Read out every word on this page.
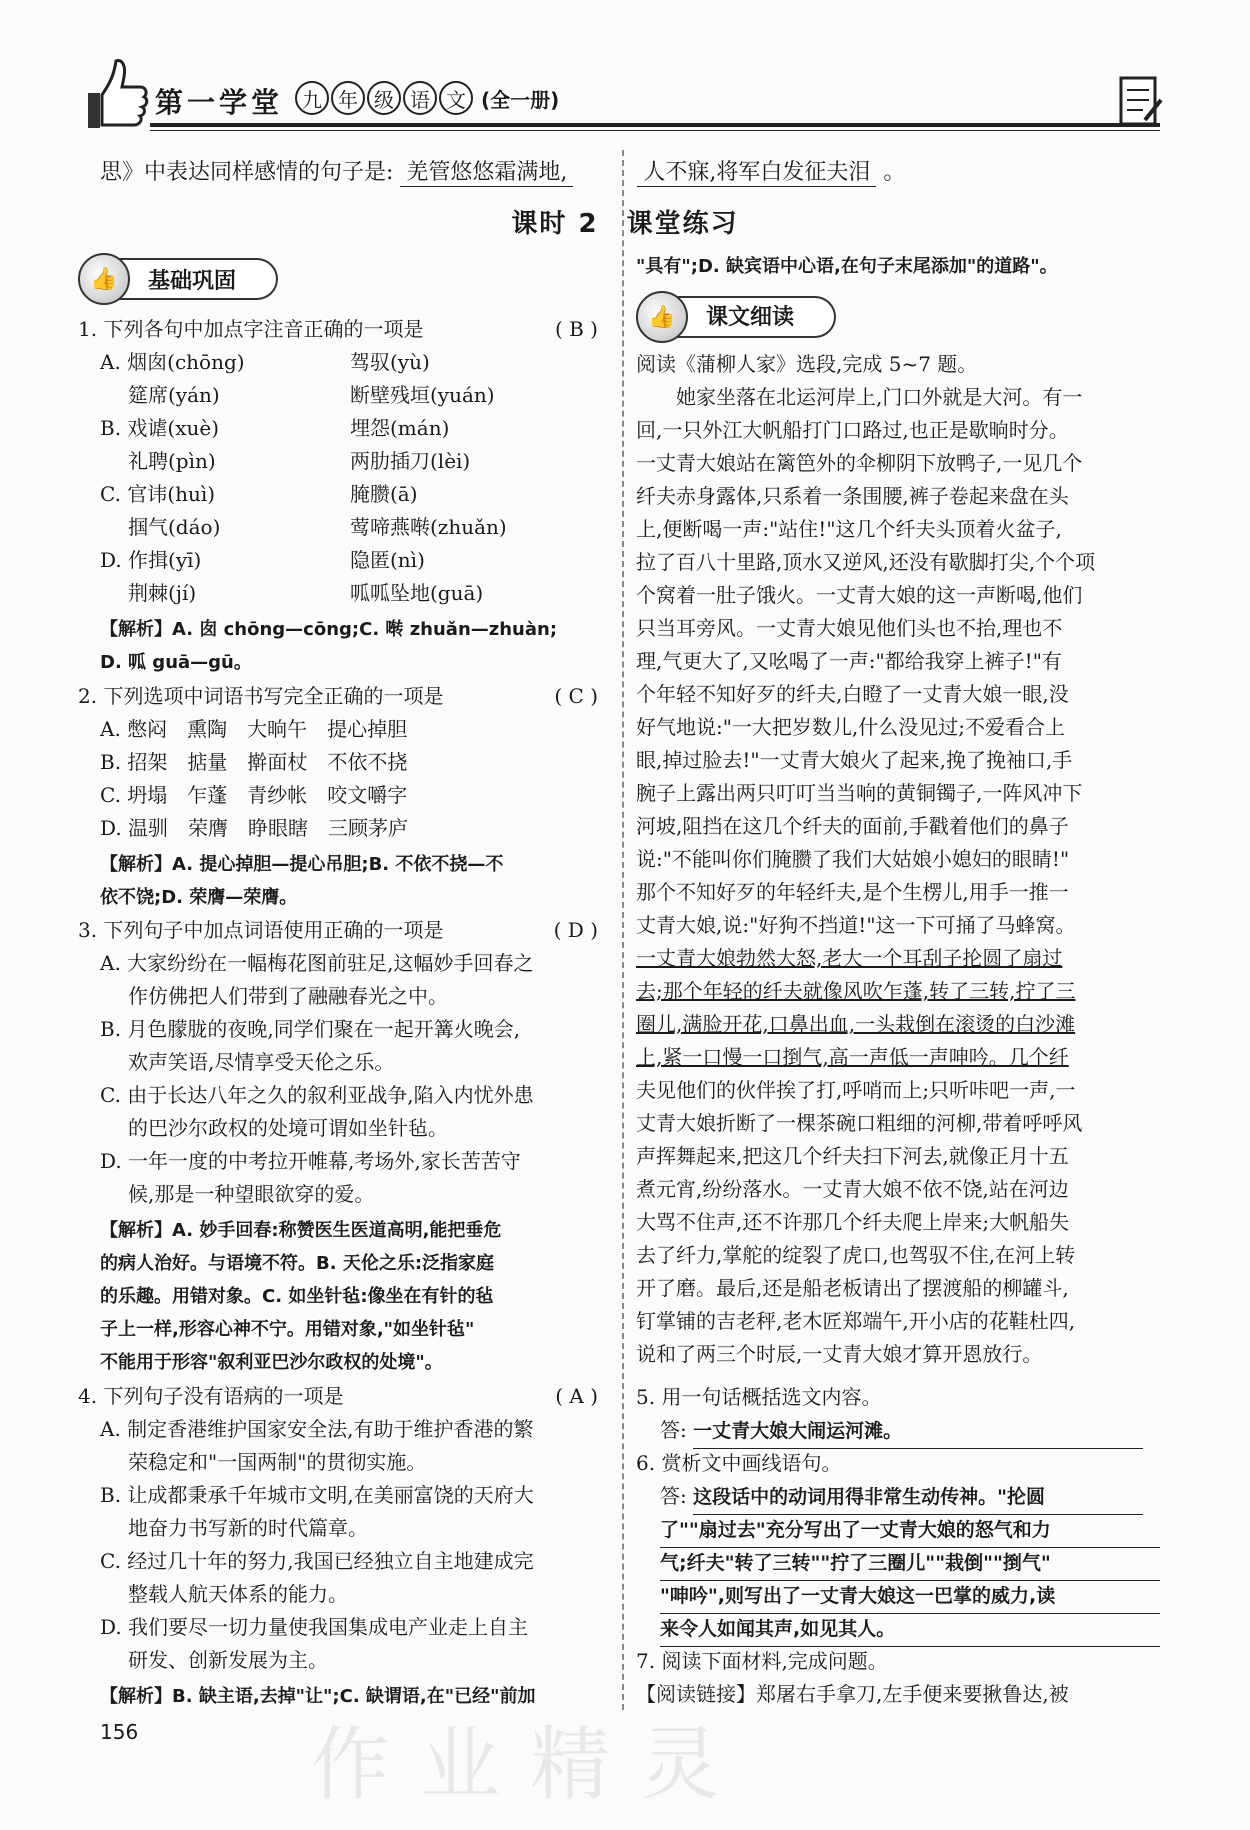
第一学堂 九 年 级 语 文 (全一册)
思》中表达同样感情的句子是: 羌管悠悠霜满地,	人不寐,将军白发征夫泪 。
课时 2　课堂练习
👍	基础巩固
1. 下列各句中加点字注音正确的一项是	( B )
A. 烟囱(chōng)	驾驭(yù)
筵席(yán)	断壁残垣(yuán)
B. 戏谑(xuè)	埋怨(mán)
礼聘(pìn)	两肋插刀(lèi)
C. 官讳(huì)	腌臜(ā)
掴气(dáo)	莺啼燕啭(zhuǎn)
D. 作揖(yī)	隐匿(nì)
荆棘(jí)	呱呱坠地(guā)
【解析】A. 囱 chōng—cōng;C. 啭 zhuǎn—zhuàn;
D. 呱 guā—gū。
2. 下列选项中词语书写完全正确的一项是	( C )
A. 憋闷　熏陶　大晌午　提心掉胆
B. 招架　掂量　擀面杖　不依不挠
C. 坍塌　乍蓬　青纱帐　咬文嚼字
D. 温驯　荣膺　睁眼瞎　三顾茅庐
【解析】A. 提心掉胆—提心吊胆;B. 不依不挠—不
依不饶;D. 荣膺—荣膺。
3. 下列句子中加点词语使用正确的一项是	( D )
A. 大家纷纷在一幅梅花图前驻足,这幅妙手回春之
作仿佛把人们带到了融融春光之中。
B. 月色朦胧的夜晚,同学们聚在一起开篝火晚会,
欢声笑语,尽情享受天伦之乐。
C. 由于长达八年之久的叙利亚战争,陷入内忧外患
的巴沙尔政权的处境可谓如坐针毡。
D. 一年一度的中考拉开帷幕,考场外,家长苦苦守
候,那是一种望眼欲穿的爱。
【解析】A. 妙手回春:称赞医生医道高明,能把垂危
的病人治好。与语境不符。B. 天伦之乐:泛指家庭
的乐趣。用错对象。C. 如坐针毡:像坐在有针的毡
子上一样,形容心神不宁。用错对象,"如坐针毡"
不能用于形容"叙利亚巴沙尔政权的处境"。
4. 下列句子没有语病的一项是	( A )
A. 制定香港维护国家安全法,有助于维护香港的繁
荣稳定和"一国两制"的贯彻实施。
B. 让成都秉承千年城市文明,在美丽富饶的天府大
地奋力书写新的时代篇章。
C. 经过几十年的努力,我国已经独立自主地建成完
整载人航天体系的能力。
D. 我们要尽一切力量使我国集成电产业走上自主
研发、创新发展为主。
【解析】B. 缺主语,去掉"让";C. 缺谓语,在"已经"前加
"具有";D. 缺宾语中心语,在句子末尾添加"的道路"。
👍	课文细读
阅读《蒲柳人家》选段,完成 5~7 题。
她家坐落在北运河岸上,门口外就是大河。有一
回,一只外江大帆船打门口路过,也正是歇晌时分。
一丈青大娘站在篱笆外的伞柳阴下放鸭子,一见几个
纤夫赤身露体,只系着一条围腰,裤子卷起来盘在头
上,便断喝一声:"站住!"这几个纤夫头顶着火盆子,
拉了百八十里路,顶水又逆风,还没有歇脚打尖,个个项
个窝着一肚子饿火。一丈青大娘的这一声断喝,他们
只当耳旁风。一丈青大娘见他们头也不抬,理也不
理,气更大了,又吆喝了一声:"都给我穿上裤子!"有
个年轻不知好歹的纤夫,白瞪了一丈青大娘一眼,没
好气地说:"一大把岁数儿,什么没见过;不爱看合上
眼,掉过脸去!"一丈青大娘火了起来,挽了挽袖口,手
腕子上露出两只叮叮当当响的黄铜镯子,一阵风冲下
河坡,阻挡在这几个纤夫的面前,手戳着他们的鼻子
说:"不能叫你们腌臜了我们大姑娘小媳妇的眼睛!"
那个不知好歹的年轻纤夫,是个生楞儿,用手一推一
丈青大娘,说:"好狗不挡道!"这一下可捅了马蜂窝。
一丈青大娘勃然大怒,老大一个耳刮子抡圆了扇过
去;那个年轻的纤夫就像风吹乍蓬,转了三转,拧了三
圈儿,满脸开花,口鼻出血,一头栽倒在滚烫的白沙滩
上,紧一口慢一口捯气,高一声低一声呻吟。几个纤
夫见他们的伙伴挨了打,呼哨而上;只听咔吧一声,一
丈青大娘折断了一棵茶碗口粗细的河柳,带着呼呼风
声挥舞起来,把这几个纤夫扫下河去,就像正月十五
煮元宵,纷纷落水。一丈青大娘不依不饶,站在河边
大骂不住声,还不许那几个纤夫爬上岸来;大帆船失
去了纤力,掌舵的绽裂了虎口,也驾驭不住,在河上转
开了磨。最后,还是船老板请出了摆渡船的柳罐斗,
钉掌铺的吉老秤,老木匠郑端午,开小店的花鞋杜四,
说和了两三个时辰,一丈青大娘才算开恩放行。
5. 用一句话概括选文内容。
答: 一丈青大娘大闹运河滩。
6. 赏析文中画线语句。
答: 这段话中的动词用得非常生动传神。"抡圆
了""扇过去"充分写出了一丈青大娘的怒气和力
气;纤夫"转了三转""拧了三圈儿""栽倒""捯气"
"呻吟",则写出了一丈青大娘这一巴掌的威力,读
来令人如闻其声,如见其人。
7. 阅读下面材料,完成问题。
【阅读链接】郑屠右手拿刀,左手便来要揪鲁达,被
156 作业精灵
